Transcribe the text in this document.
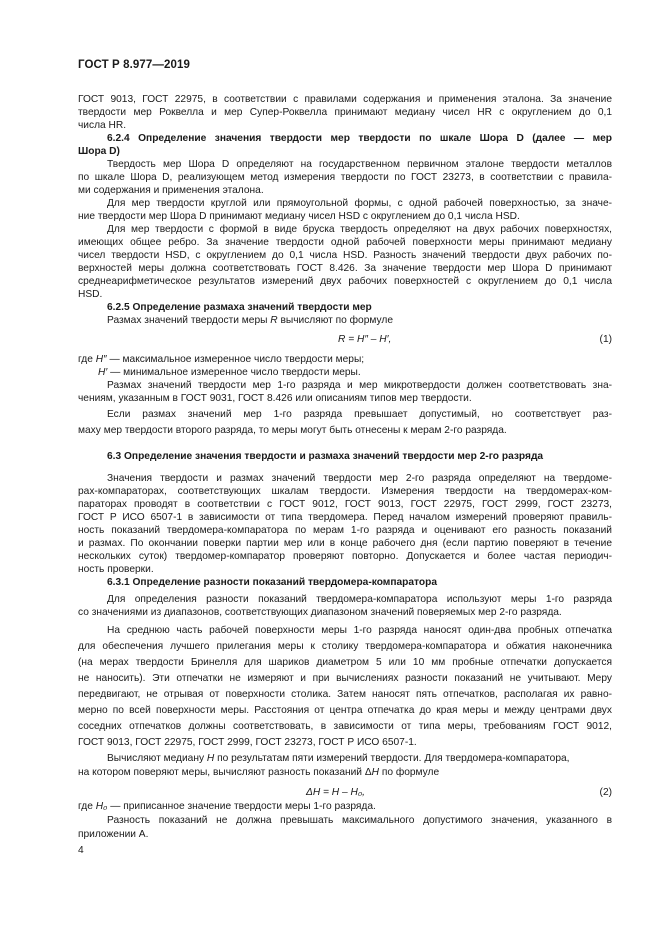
ГОСТ Р 8.977—2019
ГОСТ 9013, ГОСТ 22975, в соответствии с правилами содержания и применения эталона. За значение
твердости мер Роквелла и мер Супер-Роквелла принимают медиану чисел HR с округлением до 0,1
числа HR.
6.2.4 Определение значения твердости мер твердости по шкале Шора D (далее — мер
Шора D)
Твердость мер Шора D определяют на государственном первичном эталоне твердости металлов
по шкале Шора D, реализующем метод измерения твердости по ГОСТ 23273, в соответствии с правила-
ми содержания и применения эталона.
Для мер твердости круглой или прямоугольной формы, с одной рабочей поверхностью, за значе-
ние твердости мер Шора D принимают медиану чисел HSD с округлением до 0,1 числа HSD.
Для мер твердости с формой в виде бруска твердость определяют на двух рабочих поверхностях,
имеющих общее ребро. За значение твердости одной рабочей поверхности меры принимают медиану
чисел твердости HSD, с округлением до 0,1 числа HSD. Разность значений твердости двух рабочих по-
верхностей меры должна соответствовать ГОСТ 8.426. За значение твердости мер Шора D принимают
среднеарифметическое результатов измерений двух рабочих поверхностей с округлением до 0,1 числа
HSD.
6.2.5 Определение размаха значений твердости мер
Размах значений твердости меры R вычисляют по формуле
R = H″ – H′,	(1)
где H″ — максимальное измеренное число твердости меры;
H′ — минимальное измеренное число твердости меры.
Размах значений твердости мер 1-го разряда и мер микротвердости должен соответствовать зна-
чениям, указанным в ГОСТ 9031, ГОСТ 8.426 или описаниям типов мер твердости.
Если размах значений мер 1-го разряда превышает допустимый, но соответствует раз-
маху мер твердости второго разряда, то меры могут быть отнесены к мерам 2-го разряда.
6.3 Определение значения твердости и размаха значений твердости мер 2-го разряда
Значения твердости и размах значений твердости мер 2-го разряда определяют на твердоме-
рах-компараторах, соответствующих шкалам твердости. Измерения твердости на твердомерах-ком-
параторах проводят в соответствии с ГОСТ 9012, ГОСТ 9013, ГОСТ 22975, ГОСТ 2999, ГОСТ 23273,
ГОСТ Р ИСО 6507-1 в зависимости от типа твердомера. Перед началом измерений проверяют правиль-
ность показаний твердомера-компаратора по мерам 1-го разряда и оценивают его разность показаний
и размах. По окончании поверки партии мер или в конце рабочего дня (если партию поверяют в течение
нескольких суток) твердомер-компаратор проверяют повторно. Допускается и более частая периодич-
ность проверки.
6.3.1 Определение разности показаний твердомера-компаратора
Для определения разности показаний твердомера-компаратора используют меры 1-го разряда
со значениями из диапазонов, соответствующих диапазоном значений поверяемых мер 2-го разряда.
На среднюю часть рабочей поверхности меры 1-го разряда наносят один-два пробных отпечатка
для обеспечения лучшего прилегания меры к столику твердомера-компаратора и обжатия наконечника
(на мерах твердости Бринелля для шариков диаметром 5 или 10 мм пробные отпечатки допускается
не наносить). Эти отпечатки не измеряют и при вычислениях разности показаний не учитывают. Меру
передвигают, не отрывая от поверхности столика. Затем наносят пять отпечатков, располагая их равно-
мерно по всей поверхности меры. Расстояния от центра отпечатка до края меры и между центрами двух
соседних отпечатков должны соответствовать, в зависимости от типа меры, требованиям ГОСТ 9012,
ГОСТ 9013, ГОСТ 22975, ГОСТ 2999, ГОСТ 23273, ГОСТ Р ИСО 6507-1.
Вычисляют медиану H по результатам пяти измерений твердости. Для твердомера-компаратора,
на котором поверяют меры, вычисляют разность показаний ΔH по формуле
ΔH = H – H₀,	(2)
где H₀ — приписанное значение твердости меры 1-го разряда.
Разность показаний не должна превышать максимального допустимого значения, указанного в
приложении А.
4
